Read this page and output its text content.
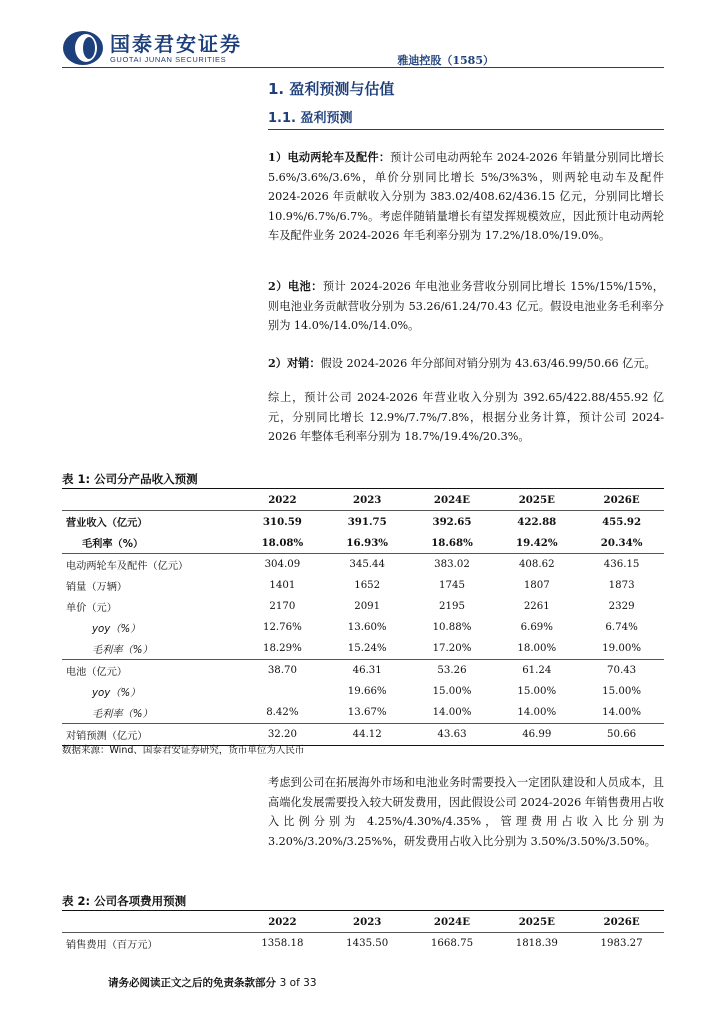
国泰君安证券
GUOTAI JUNAN SECURITIES	雅迪控股（1585）
1. 盈利预测与估值
1.1. 盈利预测
1）电动两轮车及配件：预计公司电动两轮车 2024-2026 年销量分别同比增长 5.6%/3.6%/3.6%，单价分别同比增长 5%/3%3%，则两轮电动车及配件 2024-2026 年贡献收入分别为 383.02/408.62/436.15 亿元，分别同比增长 10.9%/6.7%/6.7%。考虑伴随销量增长有望发挥规模效应，因此预计电动两轮车及配件业务 2024-2026 年毛利率分别为 17.2%/18.0%/19.0%。
2）电池：预计 2024-2026 年电池业务营收分别同比增长 15%/15%/15%，则电池业务贡献营收分别为 53.26/61.24/70.43 亿元。假设电池业务毛利率分别为 14.0%/14.0%/14.0%。
2）对销：假设 2024-2026 年分部间对销分别为 43.63/46.99/50.66 亿元。
综上，预计公司 2024-2026 年营业收入分别为 392.65/422.88/455.92 亿元，分别同比增长 12.9%/7.7%/7.8%，根据分业务计算，预计公司 2024-2026 年整体毛利率分别为 18.7%/19.4%/20.3%。
表 1: 公司分产品收入预测
	2022	2023	2024E	2025E	2026E
营业收入（亿元）	310.59	391.75	392.65	422.88	455.92
毛利率（%）	18.08%	16.93%	18.68%	19.42%	20.34%
电动两轮车及配件（亿元）	304.09	345.44	383.02	408.62	436.15
销量（万辆）	1401	1652	1745	1807	1873
单价（元）	2170	2091	2195	2261	2329
yoy（%）	12.76%	13.60%	10.88%	6.69%	6.74%
毛利率（%）	18.29%	15.24%	17.20%	18.00%	19.00%
电池（亿元）	38.70	46.31	53.26	61.24	70.43
yoy（%）		19.66%	15.00%	15.00%	15.00%
毛利率（%）	8.42%	13.67%	14.00%	14.00%	14.00%
对销预测（亿元）	32.20	44.12	43.63	46.99	50.66
数据来源：Wind、国泰君安证券研究，货币单位为人民币
考虑到公司在拓展海外市场和电池业务时需要投入一定团队建设和人员成本，且高端化发展需要投入较大研发费用，因此假设公司 2024-2026 年销售费用占收入比例分别为 4.25%/4.30%/4.35%，管理费用占收入比分别为 3.20%/3.20%/3.25%%，研发费用占收入比分别为 3.50%/3.50%/3.50%。
表 2: 公司各项费用预测
	2022	2023	2024E	2025E	2026E
销售费用（百万元）	1358.18	1435.50	1668.75	1818.39	1983.27
请务必阅读正文之后的免责条款部分 3 of 33
